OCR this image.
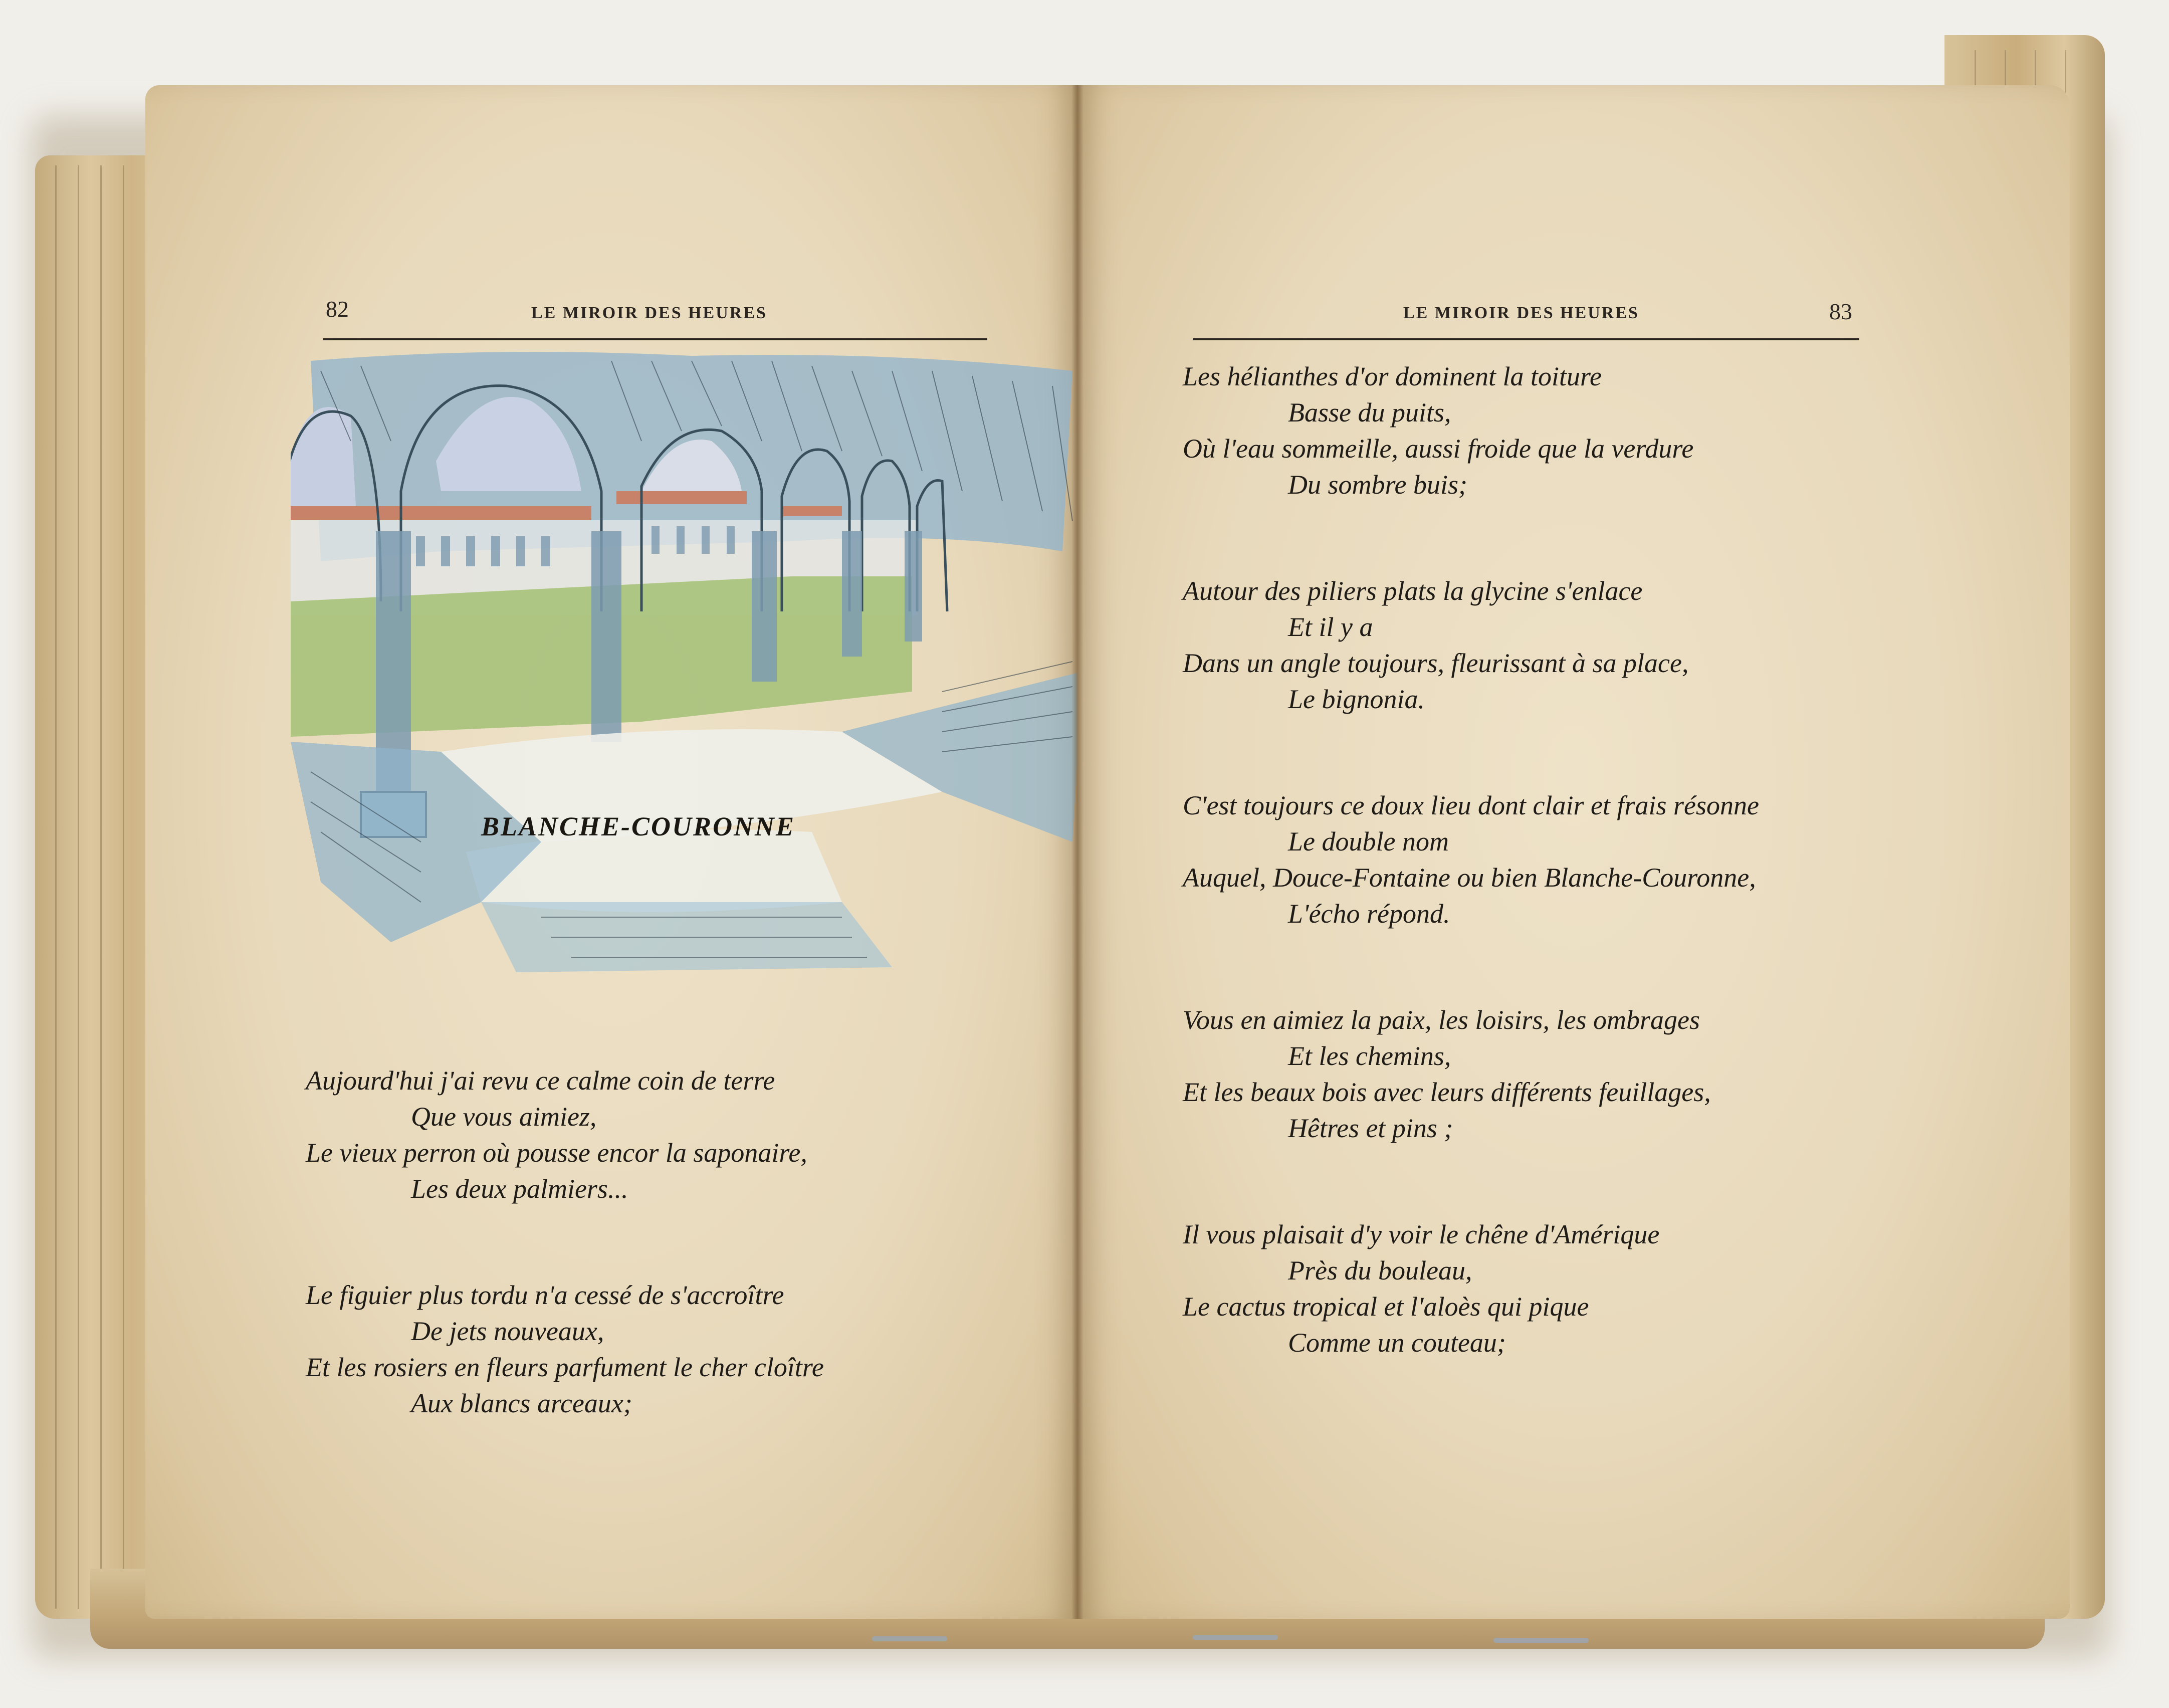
82	LE MIROIR DES HEURES
BLANCHE-COURONNE
Aujourd'hui j'ai revu ce calme coin de terre
Que vous aimiez,
Le vieux perron où pousse encor la saponaire,
Les deux palmiers...
Le figuier plus tordu n'a cessé de s'accroître
De jets nouveaux,
Et les rosiers en fleurs parfument le cher cloître
Aux blancs arceaux;
LE MIROIR DES HEURES	83
Les hélianthes d'or dominent la toiture
Basse du puits,
Où l'eau sommeille, aussi froide que la verdure
Du sombre buis;
Autour des piliers plats la glycine s'enlace
Et il y a
Dans un angle toujours, fleurissant à sa place,
Le bignonia.
C'est toujours ce doux lieu dont clair et frais résonne
Le double nom
Auquel, Douce-Fontaine ou bien Blanche-Couronne,
L'écho répond.
Vous en aimiez la paix, les loisirs, les ombrages
Et les chemins,
Et les beaux bois avec leurs différents feuillages,
Hêtres et pins ;
Il vous plaisait d'y voir le chêne d'Amérique
Près du bouleau,
Le cactus tropical et l'aloès qui pique
Comme un couteau;
